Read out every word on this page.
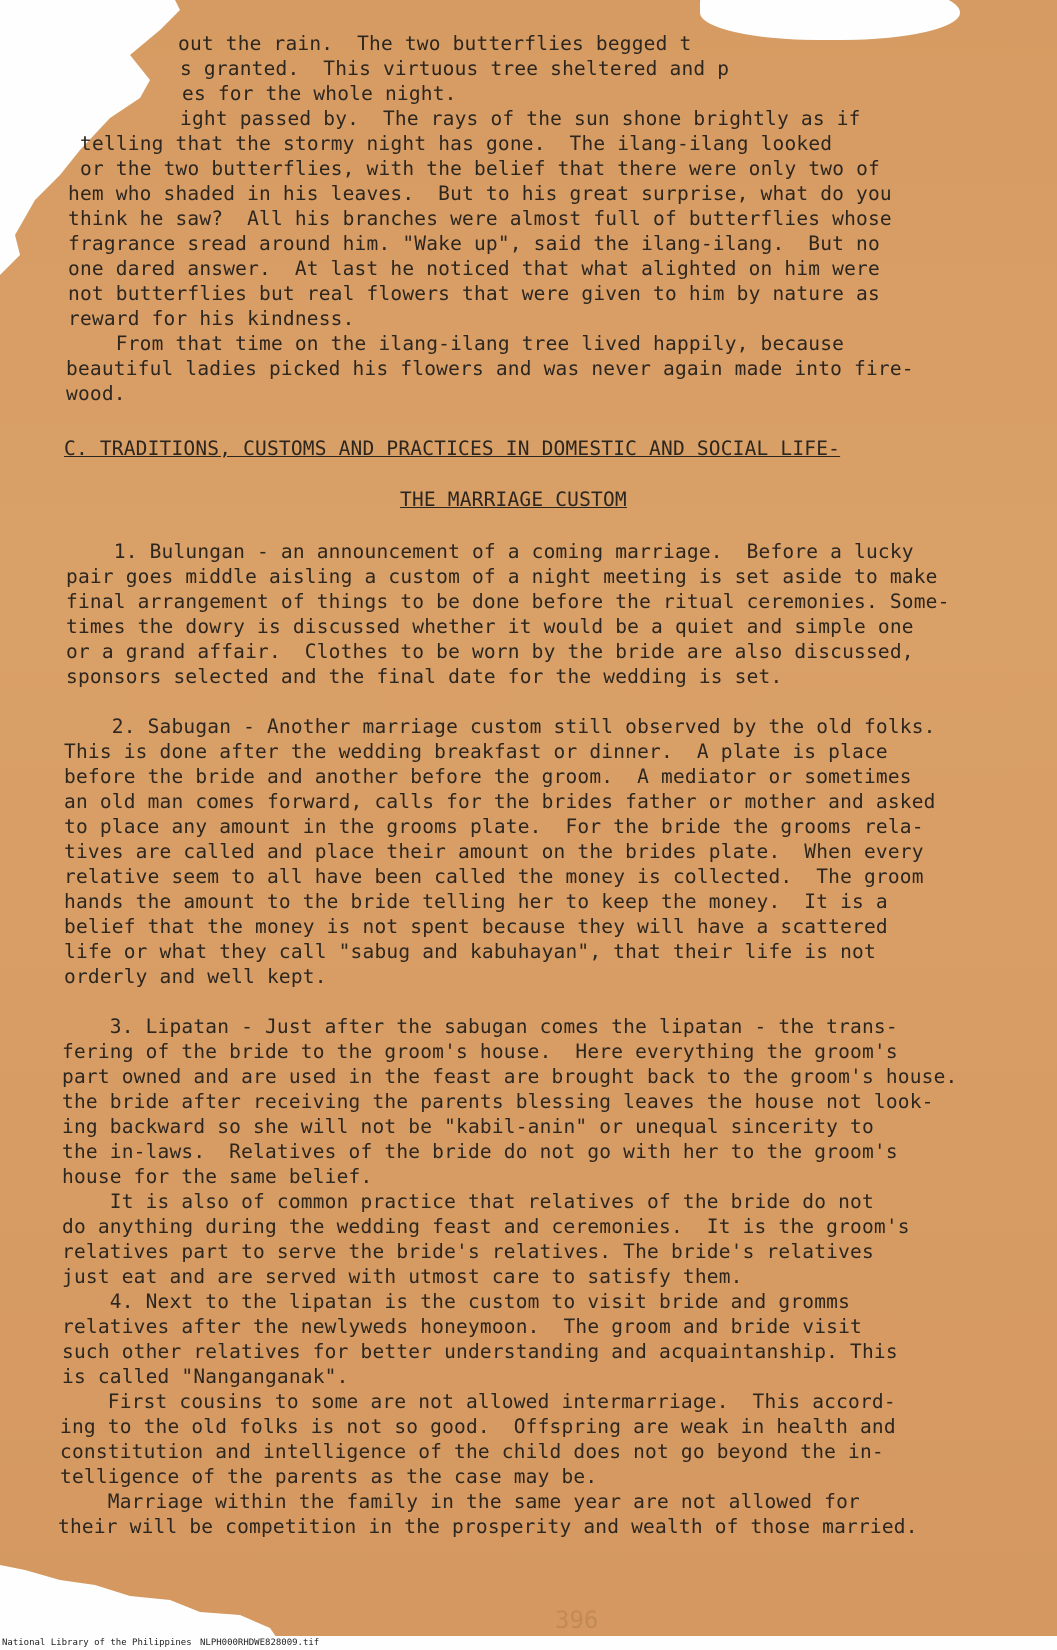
out the rain.  The two butterflies begged t
s granted.  This virtuous tree sheltered and p
es for the whole night.
ight passed by.  The rays of the sun shone brightly as if
telling that the stormy night has gone.  The ilang-ilang looked
or the two butterflies, with the belief that there were only two of
hem who shaded in his leaves.  But to his great surprise, what do you
think he saw?  All his branches were almost full of butterflies whose
fragrance sread around him. "Wake up", said the ilang-ilang.  But no
one dared answer.  At last he noticed that what alighted on him were
not butterflies but real flowers that were given to him by nature as
reward for his kindness.
From that time on the ilang-ilang tree lived happily, because
beautiful ladies picked his flowers and was never again made into fire-
wood.
C. TRADITIONS, CUSTOMS AND PRACTICES IN DOMESTIC AND SOCIAL LIFE-
THE MARRIAGE CUSTOM
1. Bulungan - an announcement of a coming marriage.  Before a lucky
pair goes middle aisling a custom of a night meeting is set aside to make
final arrangement of things to be done before the ritual ceremonies. Some-
times the dowry is discussed whether it would be a quiet and simple one
or a grand affair.  Clothes to be worn by the bride are also discussed,
sponsors selected and the final date for the wedding is set.
2. Sabugan - Another marriage custom still observed by the old folks.
This is done after the wedding breakfast or dinner.  A plate is place
before the bride and another before the groom.  A mediator or sometimes
an old man comes forward, calls for the brides father or mother and asked
to place any amount in the grooms plate.  For the bride the grooms rela-
tives are called and place their amount on the brides plate.  When every
relative seem to all have been called the money is collected.  The groom
hands the amount to the bride telling her to keep the money.  It is a
belief that the money is not spent because they will have a scattered
life or what they call "sabug and kabuhayan", that their life is not
orderly and well kept.
3. Lipatan - Just after the sabugan comes the lipatan - the trans-
fering of the bride to the groom's house.  Here everything the groom's
part owned and are used in the feast are brought back to the groom's house.
the bride after receiving the parents blessing leaves the house not look-
ing backward so she will not be "kabil-anin" or unequal sincerity to
the in-laws.  Relatives of the bride do not go with her to the groom's
house for the same belief.
It is also of common practice that relatives of the bride do not
do anything during the wedding feast and ceremonies.  It is the groom's
relatives part to serve the bride's relatives. The bride's relatives
just eat and are served with utmost care to satisfy them.
4. Next to the lipatan is the custom to visit bride and gromms
relatives after the newlyweds honeymoon.  The groom and bride visit
such other relatives for better understanding and acquaintanship. This
is called "Nanganganak".
First cousins to some are not allowed intermarriage.  This accord-
ing to the old folks is not so good.  Offspring are weak in health and
constitution and intelligence of the child does not go beyond the in-
telligence of the parents as the case may be.
Marriage within the family in the same year are not allowed for
their will be competition in the prosperity and wealth of those married.
396
National Library of the Philippines NLPH000RHDWE828009.tif
